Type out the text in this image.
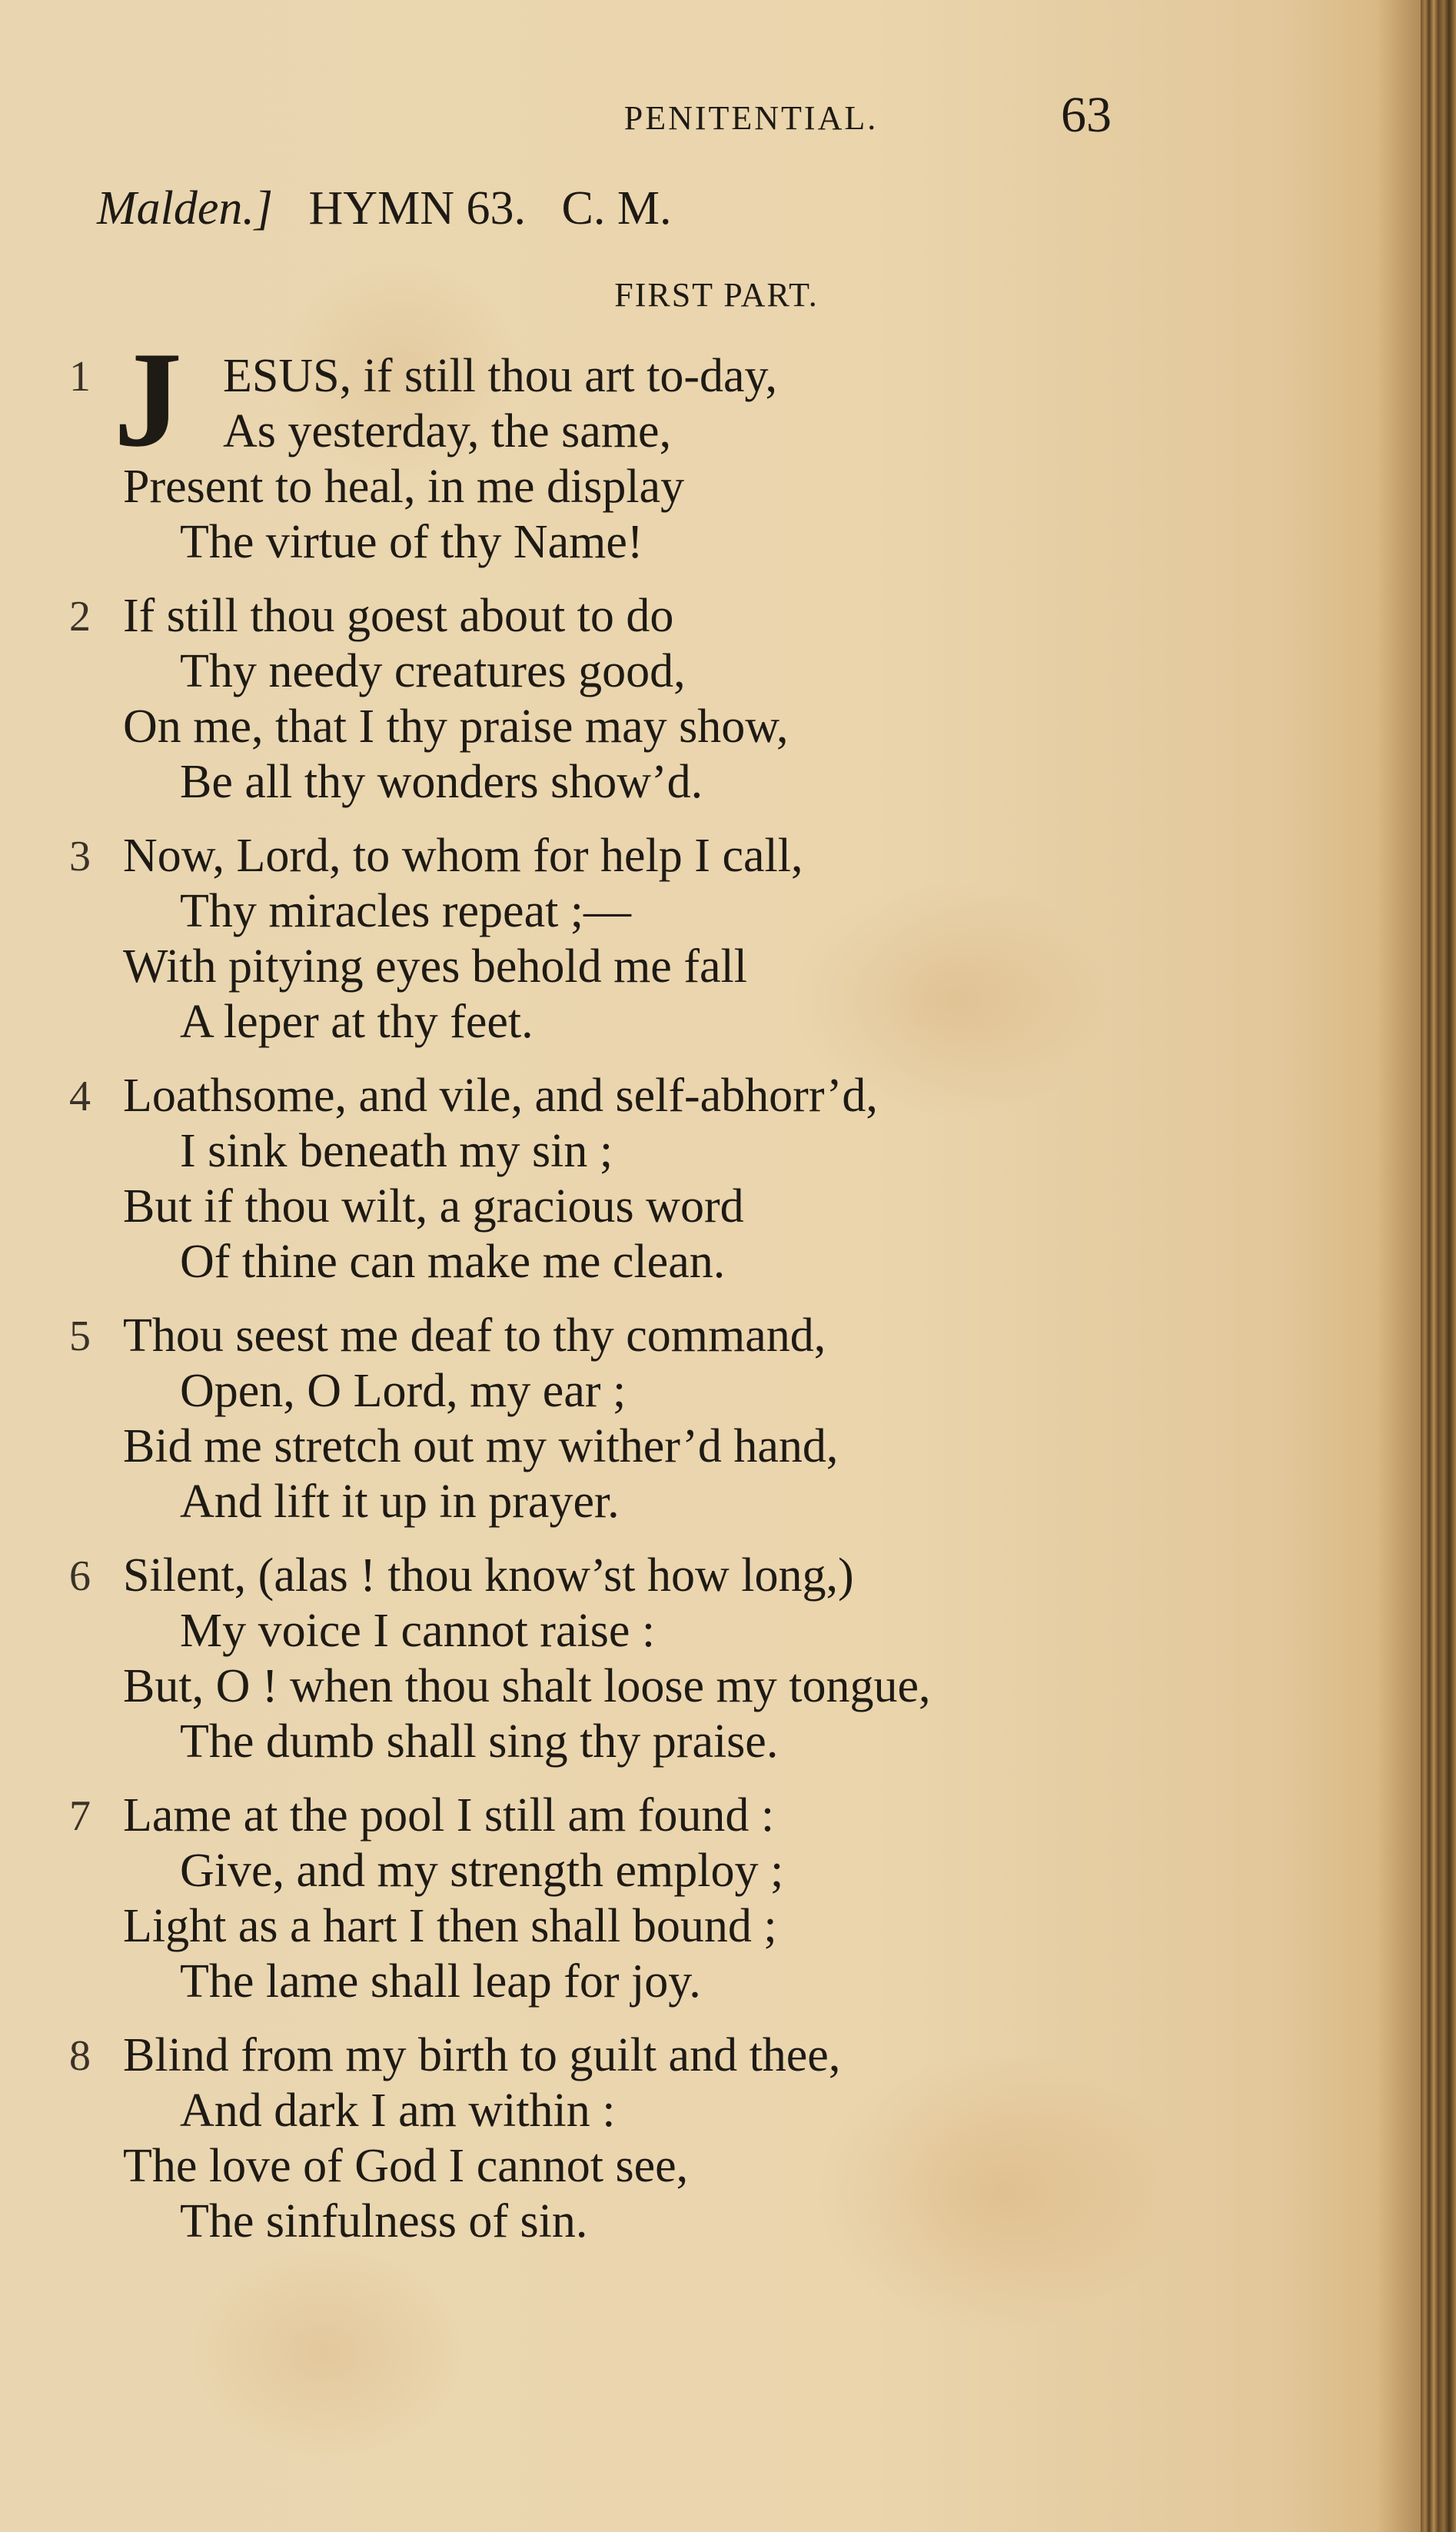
PENITENTIAL.	63
Malden.] HYMN 63.   C. M.
FIRST PART.
J
1	ESUS, if still thou art to-day,
As yesterday, the same,
Present to heal, in me display
The virtue of thy Name!
2 If still thou goest about to do
Thy needy creatures good,
On me, that I thy praise may show,
Be all thy wonders show’d.
3 Now, Lord, to whom for help I call,
Thy miracles repeat ;—
With pitying eyes behold me fall
A leper at thy feet.
4 Loathsome, and vile, and self-abhorr’d,
I sink beneath my sin ;
But if thou wilt, a gracious word
Of thine can make me clean.
5 Thou seest me deaf to thy command,
Open, O Lord, my ear ;
Bid me stretch out my wither’d hand,
And lift it up in prayer.
6 Silent, (alas ! thou know’st how long,)
My voice I cannot raise :
But, O ! when thou shalt loose my tongue,
The dumb shall sing thy praise.
7 Lame at the pool I still am found :
Give, and my strength employ ;
Light as a hart I then shall bound ;
The lame shall leap for joy.
8 Blind from my birth to guilt and thee,
And dark I am within :
The love of God I cannot see,
The sinfulness of sin.
